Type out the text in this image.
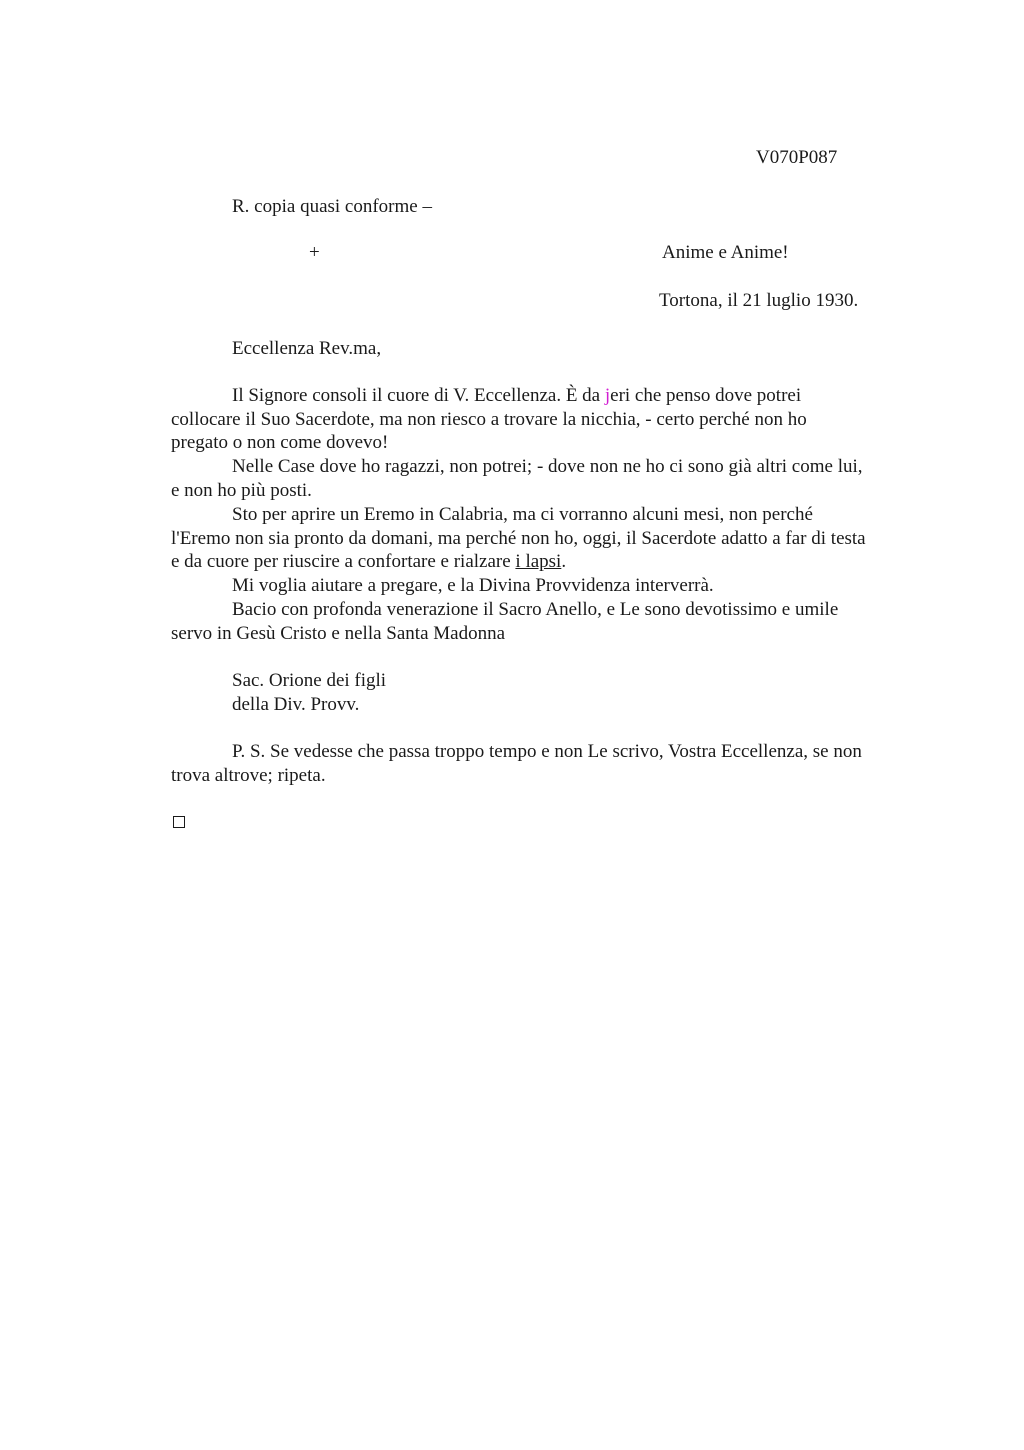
V070P087
R. copia quasi conforme –
+	Anime e Anime!
Tortona, il 21 luglio 1930.
Eccellenza Rev.ma,
Il Signore consoli il cuore di V. Eccellenza. È da jeri che penso dove potrei
collocare il Suo Sacerdote, ma non riesco a trovare la nicchia, - certo perché non ho
pregato o non come dovevo!
Nelle Case dove ho ragazzi, non potrei; - dove non ne ho ci sono già altri come lui,
e non ho più posti.
Sto per aprire un Eremo in Calabria, ma ci vorranno alcuni mesi, non perché
l'Eremo non sia pronto da domani, ma perché non ho, oggi, il Sacerdote adatto a far di testa
e da cuore per riuscire a confortare e rialzare i lapsi.
Mi voglia aiutare a pregare, e la Divina Provvidenza interverrà.
Bacio con profonda venerazione il Sacro Anello, e Le sono devotissimo e umile
servo in Gesù Cristo e nella Santa Madonna
Sac. Orione dei figli
della Div. Provv.
P. S. Se vedesse che passa troppo tempo e non Le scrivo, Vostra Eccellenza, se non
trova altrove; ripeta.
